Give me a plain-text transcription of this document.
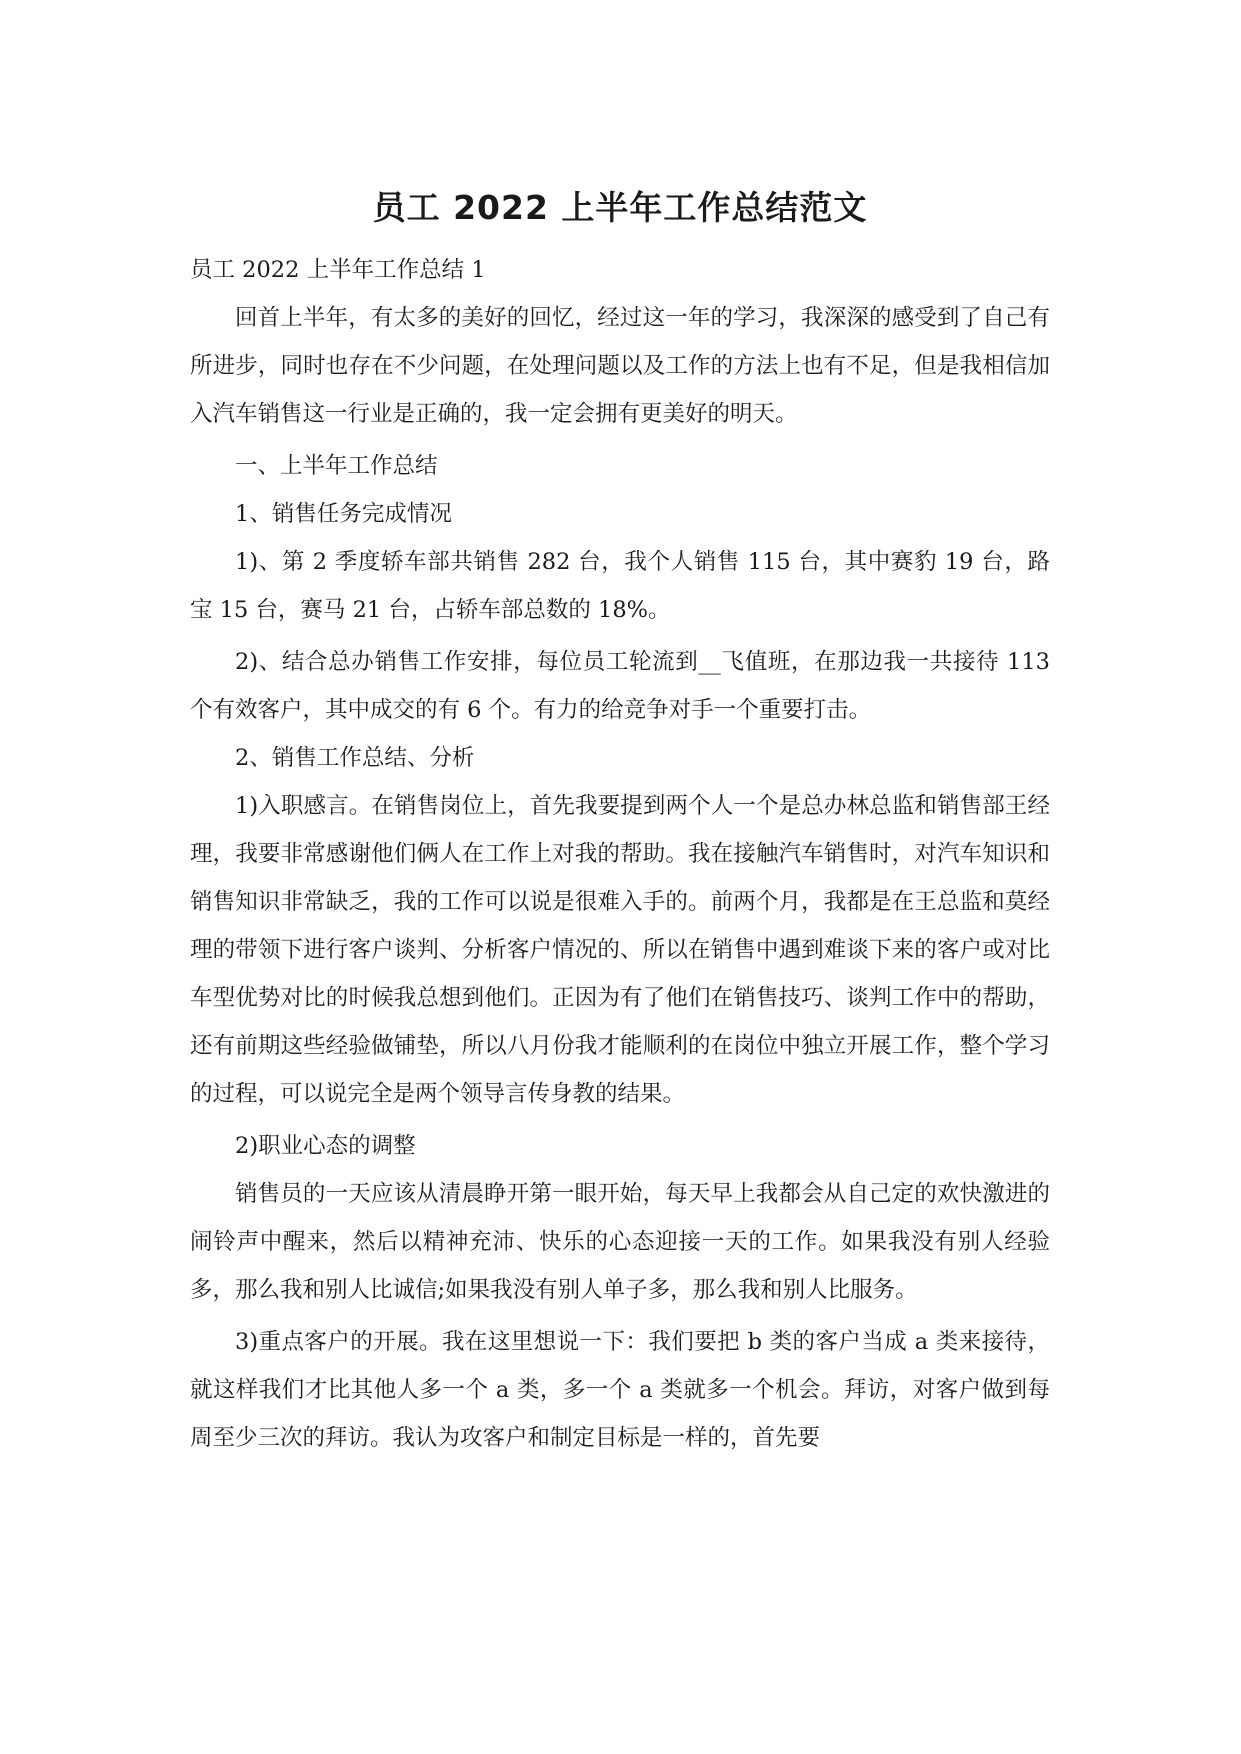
员工 2022 上半年工作总结范文

员工 2022 上半年工作总结 1

回首上半年，有太多的美好的回忆，经过这一年的学习，我深深的感受到了自己有所进步，同时也存在不少问题，在处理问题以及工作的方法上也有不足，但是我相信加入汽车销售这一行业是正确的，我一定会拥有更美好的明天。

一、上半年工作总结

1、销售任务完成情况

1)、第 2 季度轿车部共销售 282 台，我个人销售 115 台，其中赛豹 19 台，路宝 15 台，赛马 21 台，占轿车部总数的 18%。

2)、结合总办销售工作安排，每位员工轮流到__飞值班，在那边我一共接待 113 个有效客户，其中成交的有 6 个。有力的给竞争对手一个重要打击。

2、销售工作总结、分析

1)入职感言。在销售岗位上，首先我要提到两个人一个是总办林总监和销售部王经理，我要非常感谢他们俩人在工作上对我的帮助。我在接触汽车销售时，对汽车知识和销售知识非常缺乏，我的工作可以说是很难入手的。前两个月，我都是在王总监和莫经理的带领下进行客户谈判、分析客户情况的、所以在销售中遇到难谈下来的客户或对比车型优势对比的时候我总想到他们。正因为有了他们在销售技巧、谈判工作中的帮助，还有前期这些经验做铺垫，所以八月份我才能顺利的在岗位中独立开展工作，整个学习的过程，可以说完全是两个领导言传身教的结果。

2)职业心态的调整

销售员的一天应该从清晨睁开第一眼开始，每天早上我都会从自己定的欢快激进的闹铃声中醒来，然后以精神充沛、快乐的心态迎接一天的工作。如果我没有别人经验多，那么我和别人比诚信;如果我没有别人单子多，那么我和别人比服务。

3)重点客户的开展。我在这里想说一下：我们要把 b 类的客户当成 a 类来接待，就这样我们才比其他人多一个 a 类，多一个 a 类就多一个机会。拜访，对客户做到每周至少三次的拜访。我认为攻客户和制定目标是一样的，首先要
